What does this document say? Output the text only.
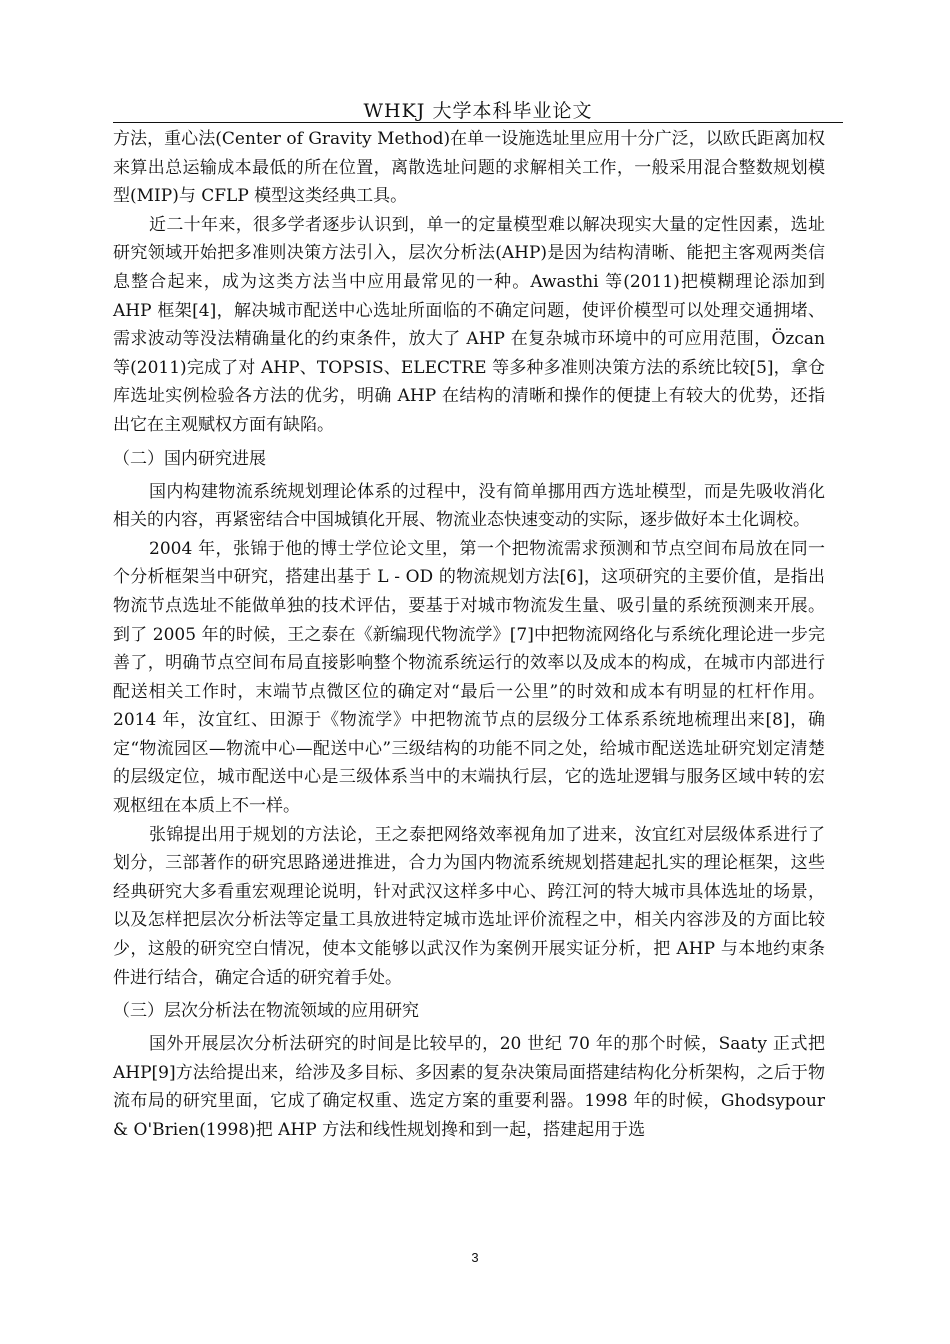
WHKJ 大学本科毕业论文

方法，重心法(Center of Gravity Method)在单一设施选址里应用十分广泛，以欧氏距离加权来算出总运输成本最低的所在位置，离散选址问题的求解相关工作，一般采用混合整数规划模型(MIP)与 CFLP 模型这类经典工具。

近二十年来，很多学者逐步认识到，单一的定量模型难以解决现实大量的定性因素，选址研究领域开始把多准则决策方法引入，层次分析法(AHP)是因为结构清晰、能把主客观两类信息整合起来，成为这类方法当中应用最常见的一种。Awasthi 等(2011)把模糊理论添加到 AHP 框架[4]，解决城市配送中心选址所面临的不确定问题，使评价模型可以处理交通拥堵、需求波动等没法精确量化的约束条件，放大了 AHP 在复杂城市环境中的可应用范围，Özcan 等(2011)完成了对 AHP、TOPSIS、ELECTRE 等多种多准则决策方法的系统比较[5]，拿仓库选址实例检验各方法的优劣，明确 AHP 在结构的清晰和操作的便捷上有较大的优势，还指出它在主观赋权方面有缺陷。

（二）国内研究进展

国内构建物流系统规划理论体系的过程中，没有简单挪用西方选址模型，而是先吸收消化相关的内容，再紧密结合中国城镇化开展、物流业态快速变动的实际，逐步做好本土化调校。

2004 年，张锦于他的博士学位论文里，第一个把物流需求预测和节点空间布局放在同一个分析框架当中研究，搭建出基于 L - OD 的物流规划方法[6]，这项研究的主要价值，是指出物流节点选址不能做单独的技术评估，要基于对城市物流发生量、吸引量的系统预测来开展。到了 2005 年的时候，王之泰在《新编现代物流学》[7]中把物流网络化与系统化理论进一步完善了，明确节点空间布局直接影响整个物流系统运行的效率以及成本的构成，在城市内部进行配送相关工作时，末端节点微区位的确定对“最后一公里”的时效和成本有明显的杠杆作用。2014 年，汝宜红、田源于《物流学》中把物流节点的层级分工体系系统地梳理出来[8]，确定“物流园区—物流中心—配送中心”三级结构的功能不同之处，给城市配送选址研究划定清楚的层级定位，城市配送中心是三级体系当中的末端执行层，它的选址逻辑与服务区域中转的宏观枢纽在本质上不一样。

张锦提出用于规划的方法论，王之泰把网络效率视角加了进来，汝宜红对层级体系进行了划分，三部著作的研究思路递进推进，合力为国内物流系统规划搭建起扎实的理论框架，这些经典研究大多看重宏观理论说明，针对武汉这样多中心、跨江河的特大城市具体选址的场景，以及怎样把层次分析法等定量工具放进特定城市选址评价流程之中，相关内容涉及的方面比较少，这般的研究空白情况，使本文能够以武汉作为案例开展实证分析，把 AHP 与本地约束条件进行结合，确定合适的研究着手处。

（三）层次分析法在物流领域的应用研究

国外开展层次分析法研究的时间是比较早的，20 世纪 70 年的那个时候，Saaty 正式把 AHP[9]方法给提出来，给涉及多目标、多因素的复杂决策局面搭建结构化分析架构，之后于物流布局的研究里面，它成了确定权重、选定方案的重要利器。1998 年的时候，Ghodsypour & O'Brien(1998)把 AHP 方法和线性规划搀和到一起，搭建起用于选

3
